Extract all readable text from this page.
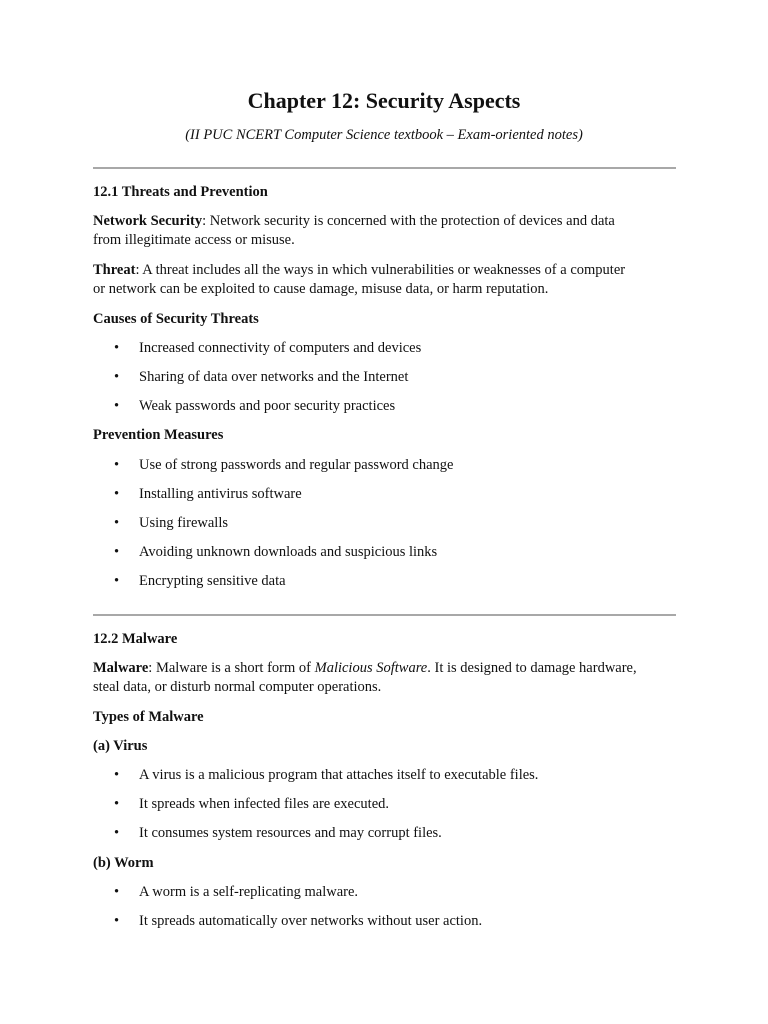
Chapter 12: Security Aspects
(II PUC NCERT Computer Science textbook – Exam-oriented notes)
12.1 Threats and Prevention
Network Security: Network security is concerned with the protection of devices and data
from illegitimate access or misuse.
Threat: A threat includes all the ways in which vulnerabilities or weaknesses of a computer
or network can be exploited to cause damage, misuse data, or harm reputation.
Causes of Security Threats
• Increased connectivity of computers and devices
• Sharing of data over networks and the Internet
• Weak passwords and poor security practices
Prevention Measures
• Use of strong passwords and regular password change
• Installing antivirus software
• Using firewalls
• Avoiding unknown downloads and suspicious links
• Encrypting sensitive data
12.2 Malware
Malware: Malware is a short form of Malicious Software. It is designed to damage hardware,
steal data, or disturb normal computer operations.
Types of Malware
(a) Virus
• A virus is a malicious program that attaches itself to executable files.
• It spreads when infected files are executed.
• It consumes system resources and may corrupt files.
(b) Worm
• A worm is a self-replicating malware.
• It spreads automatically over networks without user action.
